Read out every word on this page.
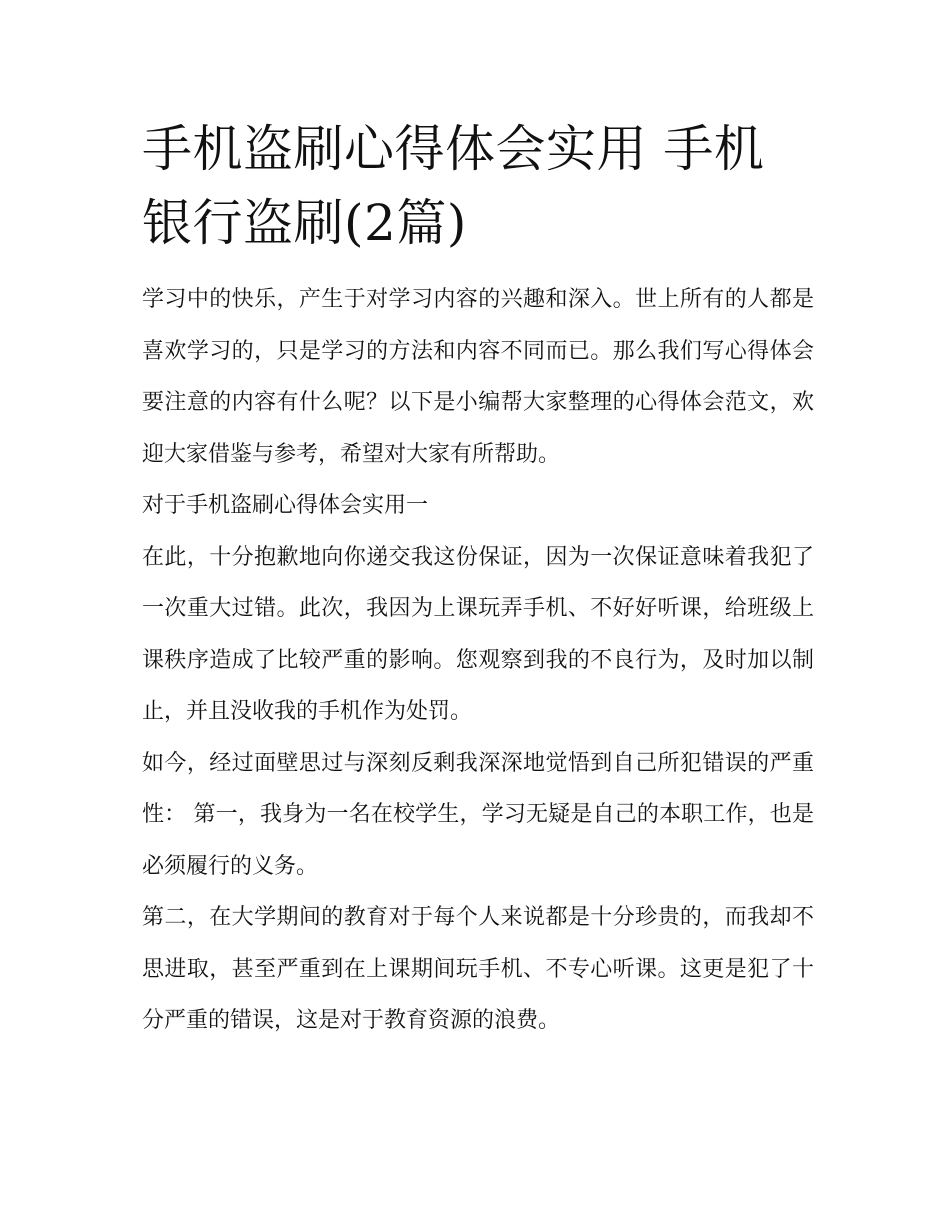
手机盗刷心得体会实用 手机银行盗刷(2篇)

学习中的快乐，产生于对学习内容的兴趣和深入。世上所有的人都是喜欢学习的，只是学习的方法和内容不同而已。那么我们写心得体会要注意的内容有什么呢？以下是小编帮大家整理的心得体会范文，欢迎大家借鉴与参考，希望对大家有所帮助。

对于手机盗刷心得体会实用一

在此，十分抱歉地向你递交我这份保证，因为一次保证意味着我犯了一次重大过错。此次，我因为上课玩弄手机、不好好听课，给班级上课秩序造成了比较严重的影响。您观察到我的不良行为，及时加以制止，并且没收我的手机作为处罚。

如今，经过面壁思过与深刻反剩我深深地觉悟到自己所犯错误的严重性： 第一，我身为一名在校学生，学习无疑是自己的本职工作，也是必须履行的义务。

第二，在大学期间的教育对于每个人来说都是十分珍贵的，而我却不思进取，甚至严重到在上课期间玩手机、不专心听课。这更是犯了十分严重的错误，这是对于教育资源的浪费。
